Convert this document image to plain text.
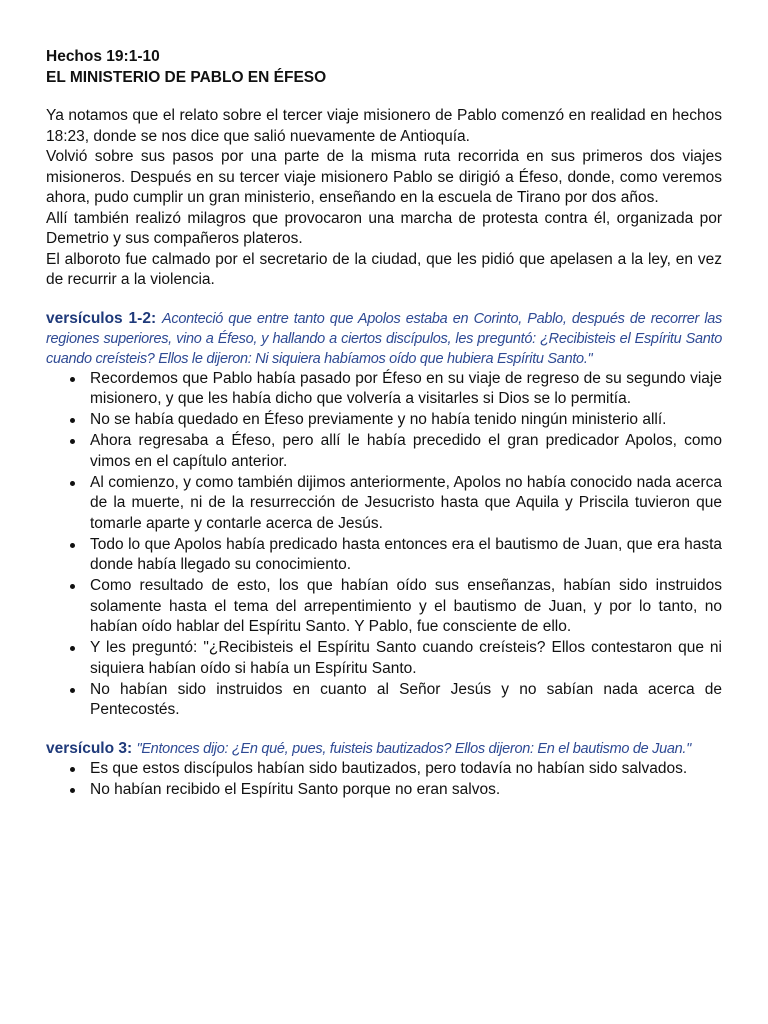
Hechos 19:1-10

EL MINISTERIO DE PABLO EN ÉFESO

Ya notamos que el relato sobre el tercer viaje misionero de Pablo comenzó en realidad en hechos 18:23, donde se nos dice que salió nuevamente de Antioquía.

Volvió sobre sus pasos por una parte de la misma ruta recorrida en sus primeros dos viajes misioneros. Después en su tercer viaje misionero Pablo se dirigió a Éfeso, donde, como veremos ahora, pudo cumplir un gran ministerio, enseñando en la escuela de Tirano por dos años.

Allí también realizó milagros que provocaron una marcha de protesta contra él, organizada por Demetrio y sus compañeros plateros.

El alboroto fue calmado por el secretario de la ciudad, que les pidió que apelasen a la ley, en vez de recurrir a la violencia.

versículos 1-2: Aconteció que entre tanto que Apolos estaba en Corinto, Pablo, después de recorrer las regiones superiores, vino a Éfeso, y hallando a ciertos discípulos, les preguntó: ¿Recibisteis el Espíritu Santo cuando creísteis? Ellos le dijeron: Ni siquiera habíamos oído que hubiera Espíritu Santo."

Recordemos que Pablo había pasado por Éfeso en su viaje de regreso de su segundo viaje misionero, y que les había dicho que volvería a visitarles si Dios se lo permitía.
No se había quedado en Éfeso previamente y no había tenido ningún ministerio allí.
Ahora regresaba a Éfeso, pero allí le había precedido el gran predicador Apolos, como vimos en el capítulo anterior.
Al comienzo, y como también dijimos anteriormente, Apolos no había conocido nada acerca de la muerte, ni de la resurrección de Jesucristo hasta que Aquila y Priscila tuvieron que tomarle aparte y contarle acerca de Jesús.
Todo lo que Apolos había predicado hasta entonces era el bautismo de Juan, que era hasta donde había llegado su conocimiento.
Como resultado de esto, los que habían oído sus enseñanzas, habían sido instruidos solamente hasta el tema del arrepentimiento y el bautismo de Juan, y por lo tanto, no habían oído hablar del Espíritu Santo. Y Pablo, fue consciente de ello.
Y les preguntó: "¿Recibisteis el Espíritu Santo cuando creísteis? Ellos contestaron que ni siquiera habían oído si había un Espíritu Santo.
No habían sido instruidos en cuanto al Señor Jesús y no sabían nada acerca de Pentecostés.

versículo 3: "Entonces dijo: ¿En qué, pues, fuisteis bautizados? Ellos dijeron: En el bautismo de Juan."

Es que estos discípulos habían sido bautizados, pero todavía no habían sido salvados.
No habían recibido el Espíritu Santo porque no eran salvos.
